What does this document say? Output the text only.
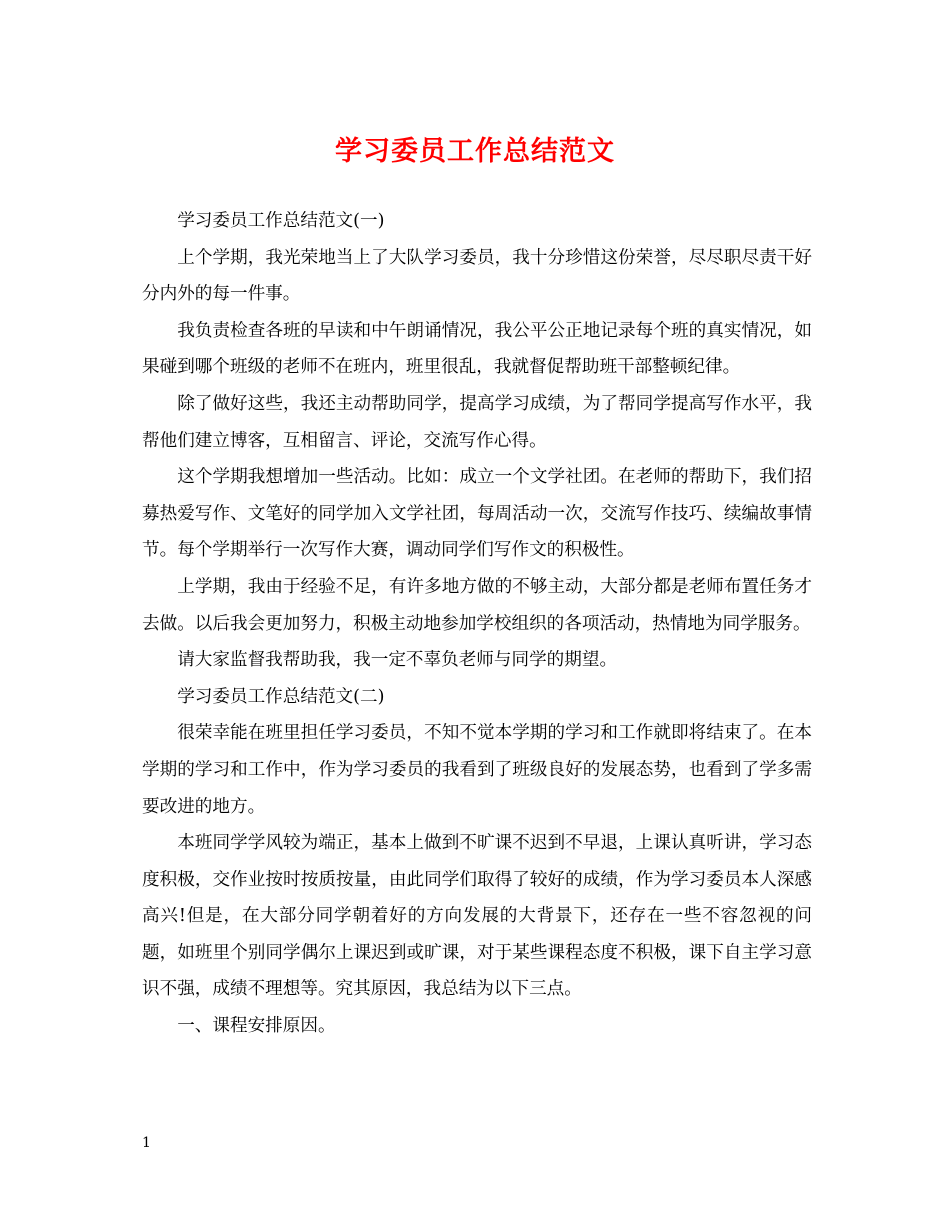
学习委员工作总结范文

学习委员工作总结范文(一)

上个学期，我光荣地当上了大队学习委员，我十分珍惜这份荣誉，尽尽职尽责干好分内外的每一件事。

我负责检查各班的早读和中午朗诵情况，我公平公正地记录每个班的真实情况，如果碰到哪个班级的老师不在班内，班里很乱，我就督促帮助班干部整顿纪律。

除了做好这些，我还主动帮助同学，提高学习成绩，为了帮同学提高写作水平，我帮他们建立博客，互相留言、评论，交流写作心得。

这个学期我想增加一些活动。比如：成立一个文学社团。在老师的帮助下，我们招募热爱写作、文笔好的同学加入文学社团，每周活动一次，交流写作技巧、续编故事情节。每个学期举行一次写作大赛，调动同学们写作文的积极性。

上学期，我由于经验不足，有许多地方做的不够主动，大部分都是老师布置任务才去做。以后我会更加努力，积极主动地参加学校组织的各项活动，热情地为同学服务。

请大家监督我帮助我，我一定不辜负老师与同学的期望。

学习委员工作总结范文(二)

很荣幸能在班里担任学习委员，不知不觉本学期的学习和工作就即将结束了。在本学期的学习和工作中，作为学习委员的我看到了班级良好的发展态势，也看到了学多需要改进的地方。

本班同学学风较为端正，基本上做到不旷课不迟到不早退，上课认真听讲，学习态度积极，交作业按时按质按量，由此同学们取得了较好的成绩，作为学习委员本人深感高兴!但是，在大部分同学朝着好的方向发展的大背景下，还存在一些不容忽视的问题，如班里个别同学偶尔上课迟到或旷课，对于某些课程态度不积极，课下自主学习意识不强，成绩不理想等。究其原因，我总结为以下三点。

一、课程安排原因。

1
